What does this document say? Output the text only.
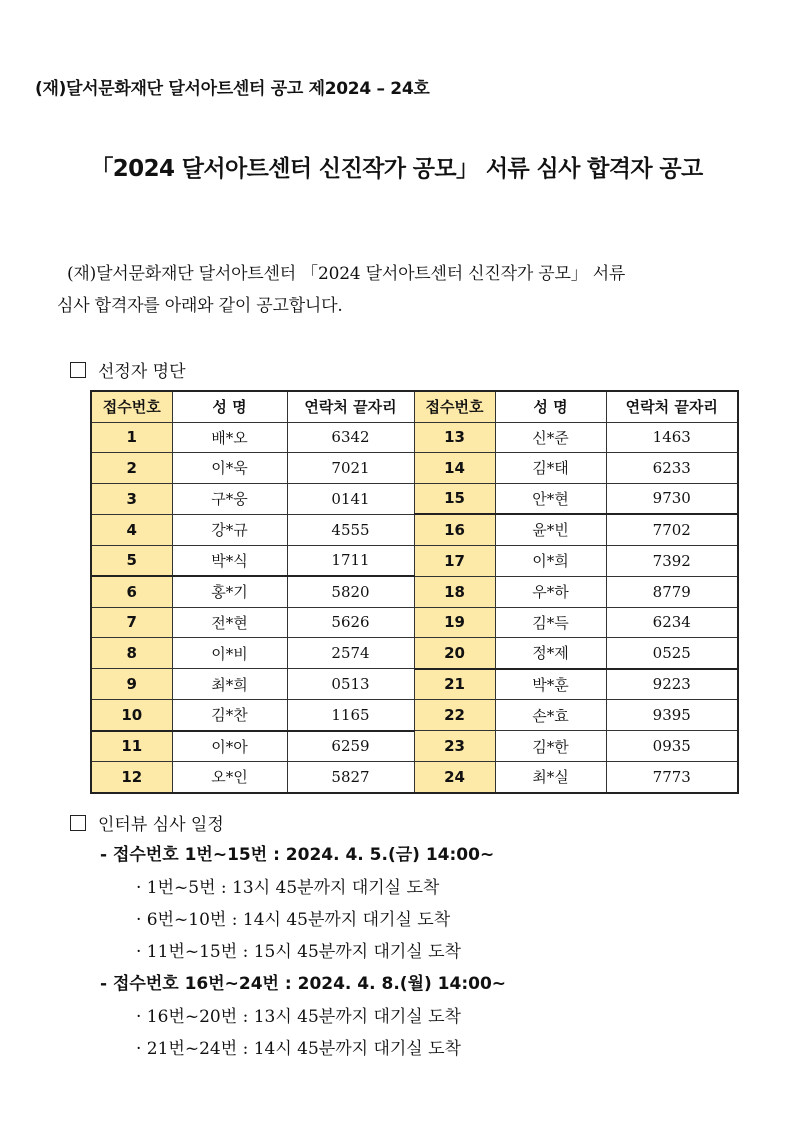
(재)달서문화재단 달서아트센터 공고 제2024 – 24호
「2024 달서아트센터 신진작가 공모」 서류 심사 합격자 공고
(재)달서문화재단 달서아트센터 「2024 달서아트센터 신진작가 공모」 서류
심사 합격자를 아래와 같이 공고합니다.
선정자 명단
접수번호	성 명	연락처 끝자리	접수번호	성 명	연락처 끝자리
1	배*오	6342	13	신*준	1463
2	이*욱	7021	14	김*태	6233
3	구*웅	0141	15	안*현	9730
4	강*규	4555	16	윤*빈	7702
5	박*식	1711	17	이*희	7392
6	홍*기	5820	18	우*하	8779
7	전*현	5626	19	김*득	6234
8	이*비	2574	20	정*제	0525
9	최*희	0513	21	박*훈	9223
10	김*찬	1165	22	손*효	9395
11	이*아	6259	23	김*한	0935
12	오*인	5827	24	최*실	7773
인터뷰 심사 일정
- 접수번호 1번~15번 : 2024. 4. 5.(금) 14:00~
· 1번~5번 : 13시 45분까지 대기실 도착
· 6번~10번 : 14시 45분까지 대기실 도착
· 11번~15번 : 15시 45분까지 대기실 도착
- 접수번호 16번~24번 : 2024. 4. 8.(월) 14:00~
· 16번~20번 : 13시 45분까지 대기실 도착
· 21번~24번 : 14시 45분까지 대기실 도착
